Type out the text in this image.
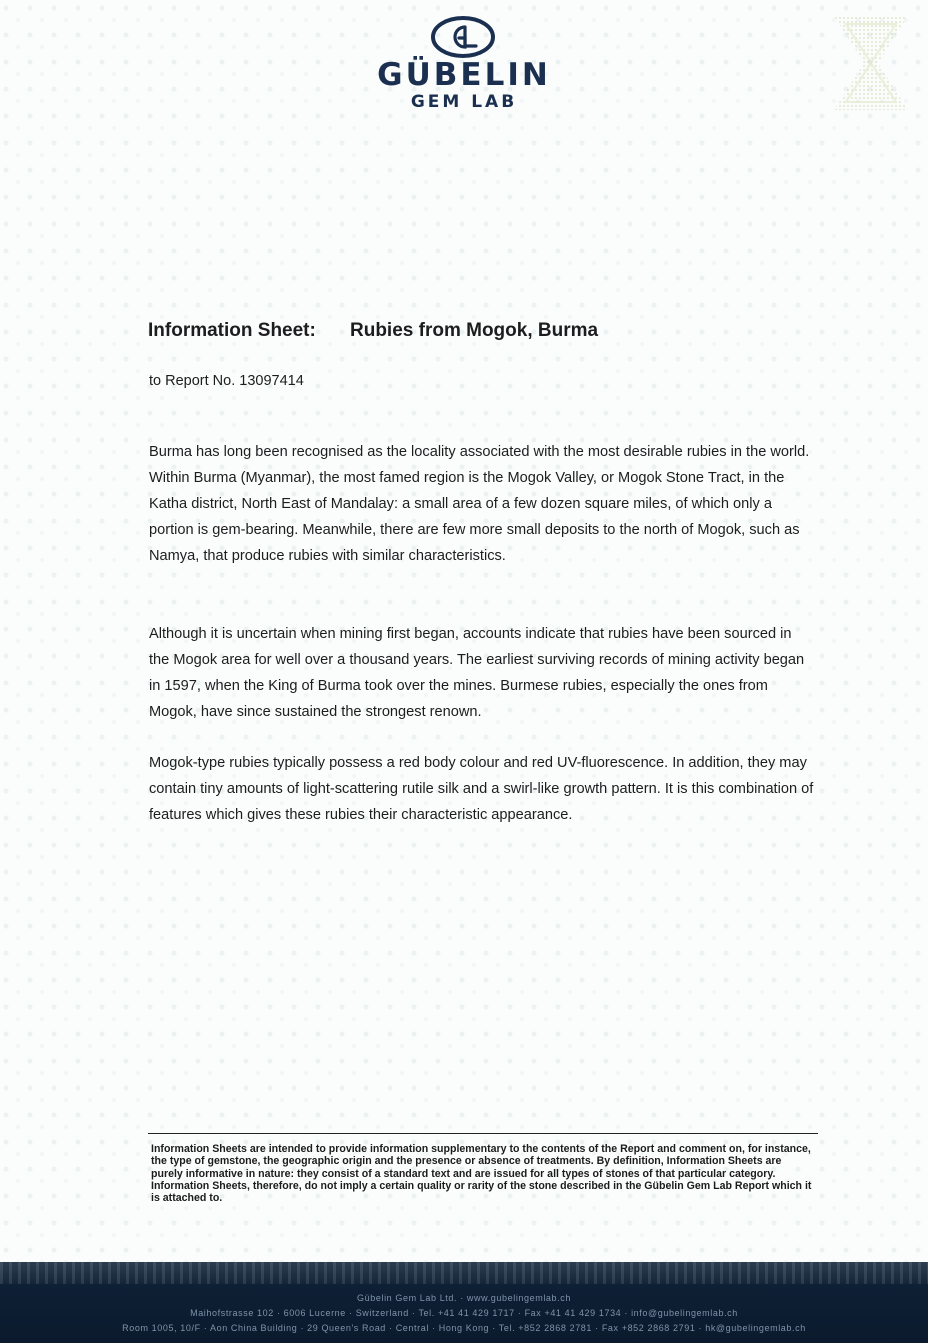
GÜBELIN
GEM LAB
Information Sheet: Rubies from Mogok, Burma
to Report No. 13097414

Burma has long been recognised as the locality associated with the most desirable rubies in the world. Within Burma (Myanmar), the most famed region is the Mogok Valley, or Mogok Stone Tract, in the Katha district, North East of Mandalay: a small area of a few dozen square miles, of which only a portion is gem-bearing. Meanwhile, there are few more small deposits to the north of Mogok, such as Namya, that produce rubies with similar characteristics.

Although it is uncertain when mining first began, accounts indicate that rubies have been sourced in the Mogok area for well over a thousand years. The earliest surviving records of mining activity began in 1597, when the King of Burma took over the mines. Burmese rubies, especially the ones from Mogok, have since sustained the strongest renown.

Mogok-type rubies typically possess a red body colour and red UV-fluorescence. In addition, they may contain tiny amounts of light-scattering rutile silk and a swirl-like growth pattern. It is this combination of features which gives these rubies their characteristic appearance.

Information Sheets are intended to provide information supplementary to the contents of the Report and comment on, for instance, the type of gemstone, the geographic origin and the presence or absence of treatments. By definition, Information Sheets are purely informative in nature: they consist of a standard text and are issued for all types of stones of that particular category. Information Sheets, therefore, do not imply a certain quality or rarity of the stone described in the Gübelin Gem Lab Report which it is attached to.

Gübelin Gem Lab Ltd. · www.gubelingemlab.ch
Maihofstrasse 102 · 6006 Lucerne · Switzerland · Tel. +41 41 429 1717 · Fax +41 41 429 1734 · info@gubelingemlab.ch
Room 1005, 10/F · Aon China Building · 29 Queen's Road · Central · Hong Kong · Tel. +852 2868 2781 · Fax +852 2868 2791 · hk@gubelingemlab.ch
